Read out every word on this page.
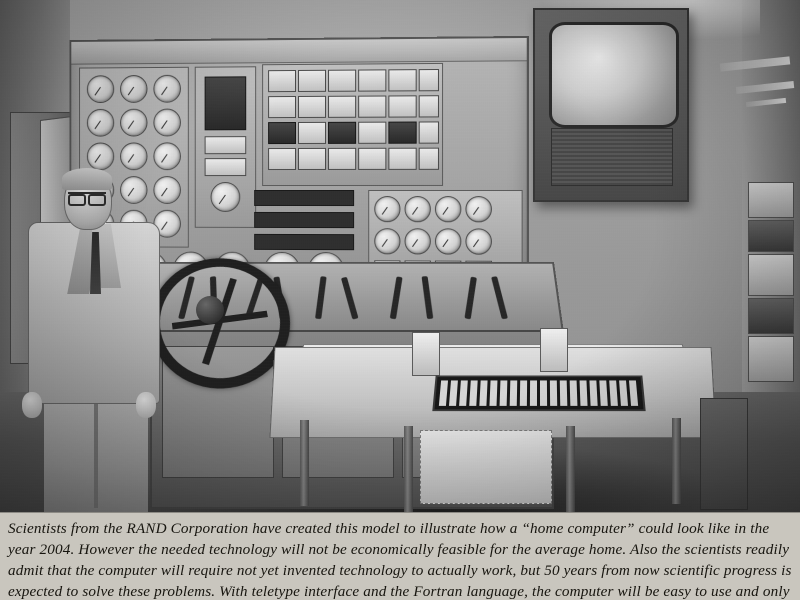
Scientists from the RAND Corporation have created this model to illustrate how a “home computer” could look like in the

year 2004. However the needed technology will not be economically feasible for the average home. Also the scientists readily

admit that the computer will require not yet invented technology to actually work, but 50 years from now scientific progress is

expected to solve these problems. With teletype interface and the Fortran language, the computer will be easy to use and only
